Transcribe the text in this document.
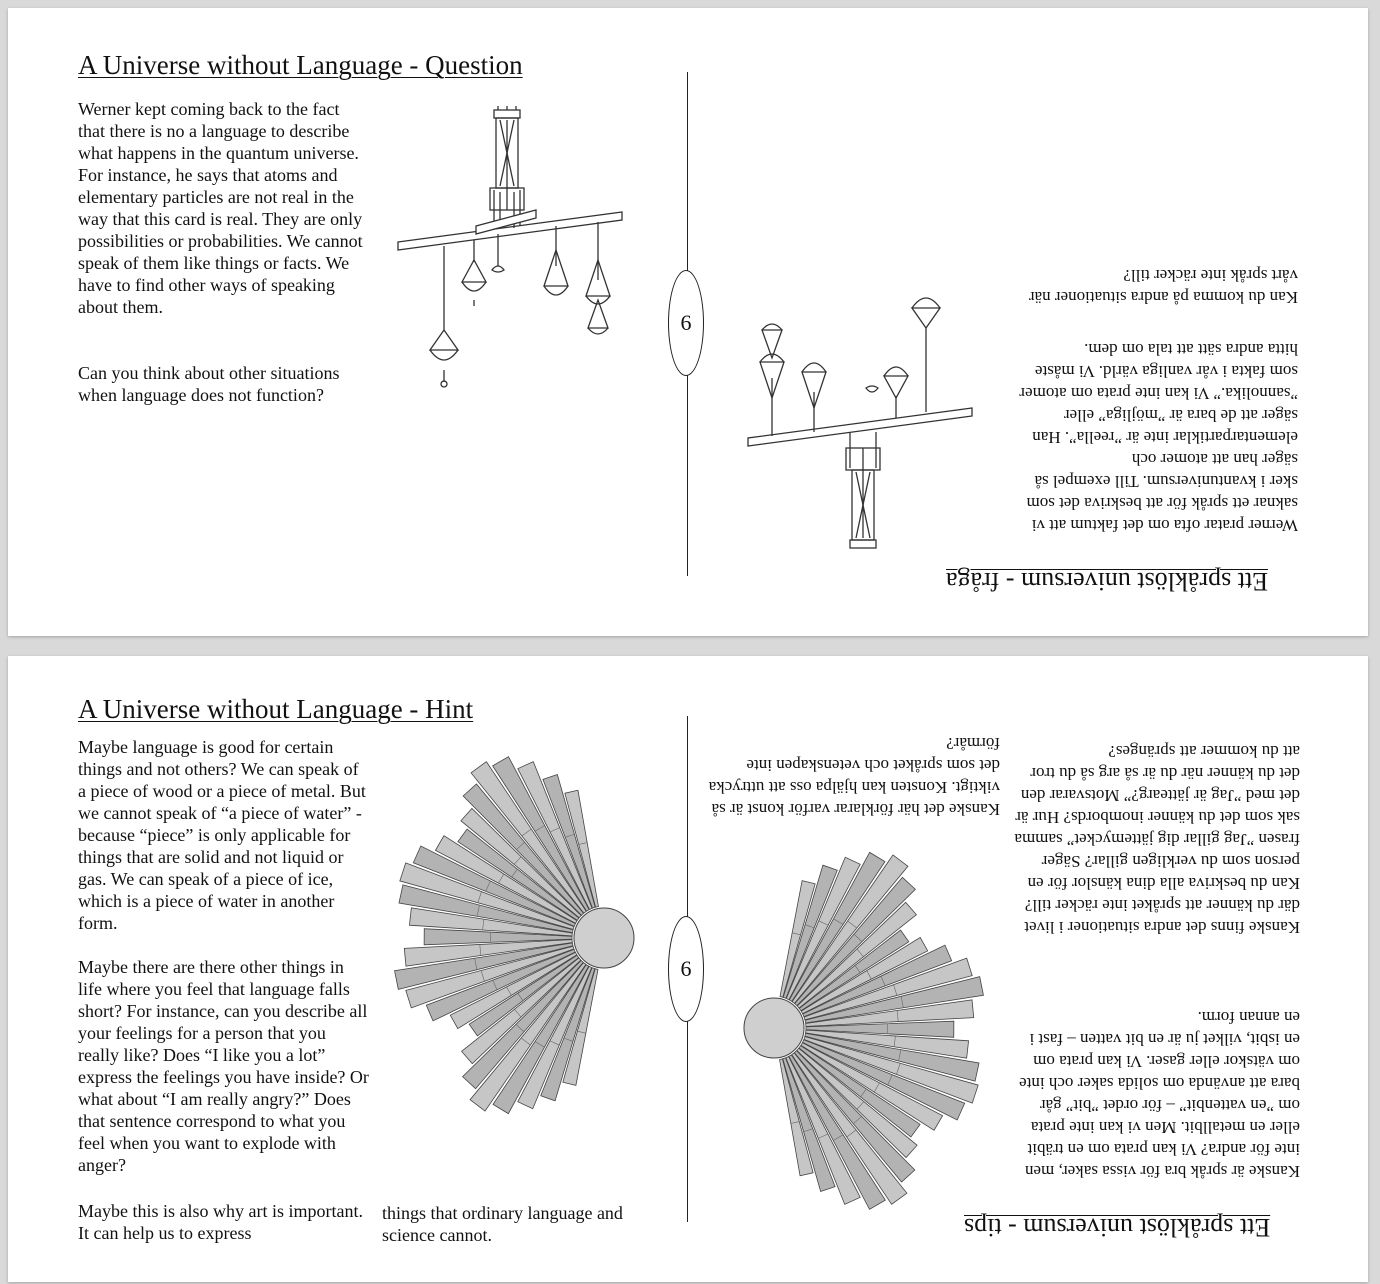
A Universe without Language - Question

Werner kept coming back to the fact that there is no a language to describe what happens in the quantum universe. For instance, he says that atoms and elementary particles are not real in the way that this card is real. They are only possibilities or probabilities. We cannot speak of them like things or facts. We have to find other ways of speaking about them.

Can you think about other situations when language does not function?

6
Ett språklöst universum - fråga

Werner pratar ofta om det faktum att vi saknar ett språk för att beskriva det som sker i kvantuniversum. Till exempel så säger han att atomer och elementarpartiklar inte är ”reella”. Han säger att de bara är ”möjliga” eller ”sannolika.” Vi kan inte prata om atomer som fakta i vår vanliga värld. Vi måste hitta andra sätt att tala om dem.

Kan du komma på andra situationer när vårt språk inte räcker till?

A Universe without Language - Hint

Maybe language is good for certain things and not others? We can speak of a piece of wood or a piece of metal. But we cannot speak of “a piece of water” - because “piece” is only applicable for things that are solid and not liquid or gas. We can speak of a piece of ice, which is a piece of water in another form.

Maybe there are there other things in life where you feel that language falls short? For instance, can you describe all your feelings for a person that you really like? Does “I like you a lot” express the feelings you have inside? Or what about “I am really angry?” Does that sentence correspond to what you feel when you want to explode with anger?

Maybe this is also why art is important. It can help us to express

things that ordinary language and science cannot.

6
Ett språklöst universum - tips

Kanske är språk bra för vissa saker, men inte för andra? Vi kan prata om en träbit eller en metallbit. Men vi kan inte prata om ”en vattenbit” – för ordet ”bit” går bara att använda om solida saker och inte om vätskor eller gaser. Vi kan prata om en isbit, vilket ju är en bit vatten – fast i en annan form.

Kanske finns det andra situationer i livet där du känner att språket inte räcker till? Kan du beskriva alla dina känslor för en person som du verkligen gillar? Säger frasen ”Jag gillar dig jättemycket” samma sak som det du känner inombords? Hur är det med ”Jag är jättearg?” Motsvarar den det du känner när du är så arg så du tror att du kommer att spränges?

Kanske det här förklarar varför konst är så viktigt. Konsten kan hjälpa oss att uttrycka det som språket och vetenskapen inte förmår?
